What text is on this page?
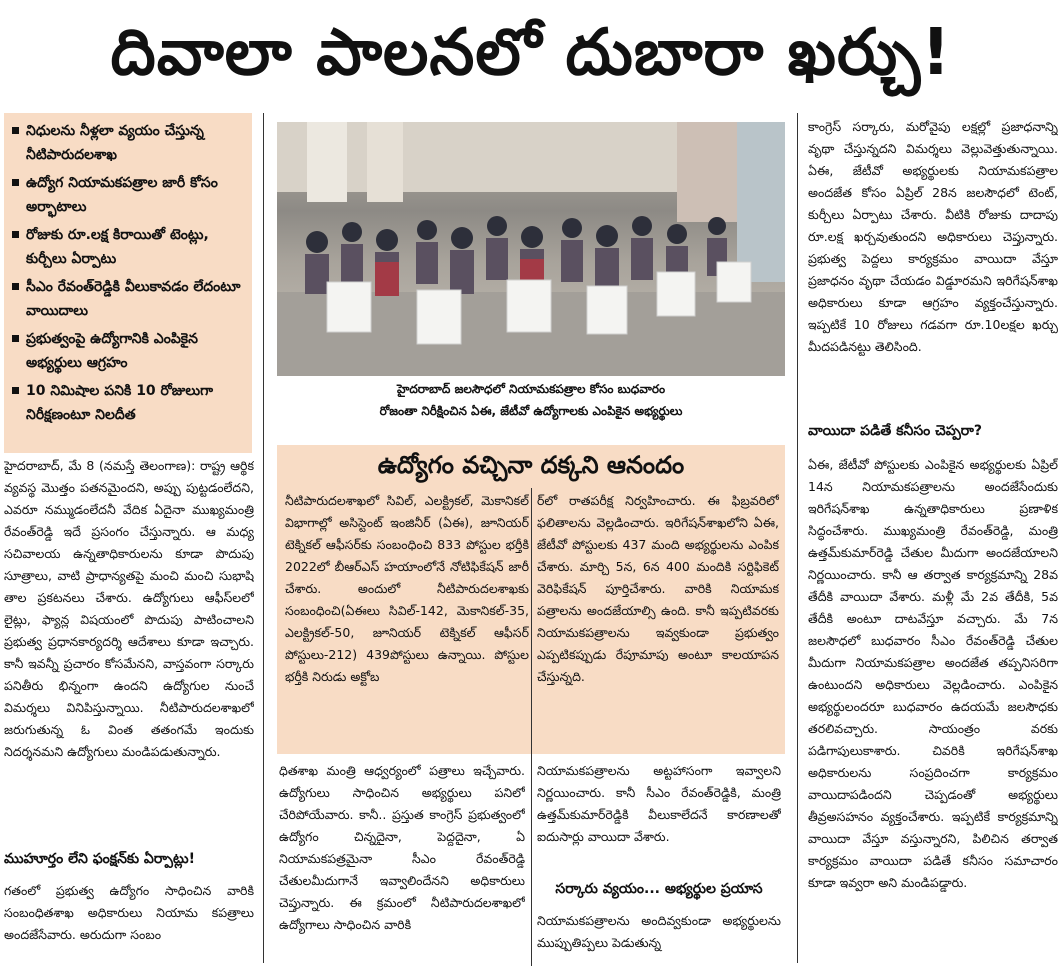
దివాలా పాలనలో దుబారా ఖర్చు!
నిధులను నీళ్లలా వ్యయం చేస్తున్న నీటిపారుదలశాఖ
ఉద్యోగ నియామకపత్రాల జారీ కోసం అర్భాటాలు
రోజుకు రూ.లక్ష కిరాయితో టెంట్లు, కుర్చీలు ఏర్పాటు
సీఎం రేవంత్‌రెడ్డికి వీలుకావడం లేదంటూ వాయిదాలు
ప్రభుత్వంపై ఉద్యోగానికి ఎంపికైన అభ్యర్థులు ఆగ్రహం
10 నిమిషాల పనికి 10 రోజులుగా నిరీక్షణంటూ నిలదీత
హైదరాబాద్ జలసౌధలో నియామకపత్రాల కోసం బుధవారం
రోజంతా నిరీక్షించిన ఏఈ, జేటీవో ఉద్యోగాలకు ఎంపికైన అభ్యర్థులు
హైదరాబాద్, మే 8 (నమస్తే తెలంగాణ): రాష్ట్ర ఆర్థిక వ్యవస్థ మొత్తం పతనమైందని, అప్పు పుట్టడంలేదని, ఎవరూ నమ్ముడంలేదనీ వేదిక ఏదైనా ముఖ్యమంత్రి రేవంత్‌రెడ్డి ఇదే ప్రసంగం చేస్తున్నారు. ఆ మధ్య సచివాలయ ఉన్నతాధికారులను కూడా పొదుపు సూత్రాలు, వాటి ప్రాధాన్యతపై మంచి మంచి సుభాషి తాల ప్రకటనలు చేశారు. ఉద్యోగులు ఆఫీస్‌లలో లైట్లు, ఫ్యాన్ల విషయంలో పొదుపు పాటించాలని ప్రభుత్వ ప్రధానకార్యదర్శి ఆదేశాలు కూడా ఇచ్చారు. కానీ ఇవన్నీ ప్రచారం కోసమేనని, వాస్తవంగా సర్కారు పనితీరు భిన్నంగా ఉందని ఉద్యోగుల నుంచే విమర్శలు వినిపిస్తున్నాయి. నీటిపారుదలశాఖలో జరుగుతున్న ఓ వింత తతంగమే ఇందుకు నిదర్శనమని ఉద్యోగులు మండిపడుతున్నారు.
ముహూర్తం లేని ఫంక్షన్‌కు ఏర్పాట్లు!
గతంలో ప్రభుత్వ ఉద్యోగం సాధించిన వారికి సంబంధితశాఖ అధికారులు నియామ కపత్రాలు అందజేసేవారు. అరుదుగా సంబం
ఉద్యోగం వచ్చినా దక్కని ఆనందం
నీటిపారుదలశాఖలో సివిల్, ఎలక్ట్రికల్, మెకానికల్ విభాగాల్లో అసిస్టెంట్ ఇంజినీర్ (ఏఈ), జూనియర్ టెక్నికల్ ఆఫీసర్‌కు సంబంధించి 833 పోస్టుల భర్తీకి 2022లో బీఆర్‌ఎస్ హయాంలోనే నోటిఫికేషన్ జారీ చేశారు. అందులో నీటిపారుదలశాఖకు సంబంధించి(ఏఈలు సివిల్-142, మెకానికల్-35, ఎలక్ట్రికల్-50, జూనియర్ టెక్నికల్ ఆఫీసర్ పోస్టులు-212) 439పోస్టులు ఉన్నాయి. పోస్టుల భర్తీకి నిరుడు అక్టోబ
ర్‌లో రాతపరీక్ష నిర్వహించారు. ఈ ఫిబ్రవరిలో ఫలితాలను వెల్లడించారు. ఇరిగేషన్‌శాఖలోని ఏఈ, జేటీవో పోస్టులకు 437 మంది అభ్యర్థులను ఎంపిక చేశారు. మార్చి 5న, 6న 400 మందికి సర్టిఫికెట్ వెరిఫికేషన్ పూర్తిచేశారు. వారికి నియామక పత్రాలను అందజేయాల్సి ఉంది. కానీ ఇప్పటివరకు నియామకపత్రాలను ఇవ్వకుండా ప్రభుత్వం ఎప్పటికప్పుడు రేపూమాపు అంటూ కాలయాపన చేస్తున్నది.
ధితశాఖ మంత్రి ఆధ్వర్యంలో పత్రాలు ఇచ్చేవారు. ఉద్యోగులు సాధించిన అభ్యర్థులు పనిలో చేరిపోయేవారు. కానీ.. ప్రస్తుత కాంగ్రెస్ ప్రభుత్వంలో ఉద్యోగం చిన్నదైనా, పెద్దదైనా, ఏ నియామకపత్రమైనా సీఎం రేవంత్‌రెడ్డి చేతులమీదుగానే ఇవ్వాలిందేనని అధికారులు చెప్తున్నారు. ఈ క్రమంలో నీటిపారుదలశాఖలో ఉద్యోగాలు సాధించిన వారికి
నియామకపత్రాలను అట్టహాసంగా ఇవ్వాలని నిర్ణయించారు. కానీ సీఎం రేవంత్‌రెడ్డికి, మంత్రి ఉత్తమ్‌కుమార్‌రెడ్డికి వీలుకాలేదనే కారణాలతో ఐదుసార్లు వాయిదా వేశారు.
సర్కారు వ్యయం... అభ్యర్థుల ప్రయాస
నియామకపత్రాలను అందివ్వకుండా అభ్యర్థులను ముప్పుతిప్పలు పెడుతున్న
కాంగ్రెస్ సర్కారు, మరోవైపు లక్షల్లో ప్రజాధనాన్ని వృథా చేస్తున్నదని విమర్శలు వెల్లువెత్తుతున్నాయి. ఏఈ, జేటీవో అభ్యర్థులకు నియామకపత్రాల అందజేత కోసం ఏప్రిల్ 28న జలసౌధలో టెంట్, కుర్చీలు ఏర్పాటు చేశారు. వీటికి రోజుకు దాదాపు రూ.లక్ష ఖర్చవుతుందని అధికారులు చెప్తున్నారు. ప్రభుత్వ పెద్దలు కార్యక్రమం వాయిదా వేస్తూ ప్రజాధనం వృథా చేయడం విడ్డూరమని ఇరిగేషన్‌శాఖ అధికారులు కూడా ఆగ్రహం వ్యక్తంచేస్తున్నారు. ఇప్పటికే 10 రోజులు గడవగా రూ.10లక్షల ఖర్చు మీదపడినట్టు తెలిసింది.
వాయిదా పడితే కనీసం చెప్పరా?
ఏఈ, జేటీవో పోస్టులకు ఎంపికైన అభ్యర్థులకు ఏప్రిల్ 14న నియామకపత్రాలను అందజేసేందుకు ఇరిగేషన్‌శాఖ ఉన్నతాధికారులు ప్రణాళిక సిద్ధంచేశారు. ముఖ్యమంత్రి రేవంత్‌రెడ్డి, మంత్రి ఉత్తమ్‌కుమార్‌రెడ్డి చేతుల మీదుగా అందజేయాలని నిర్ణయించారు. కానీ ఆ తర్వాత కార్యక్రమాన్ని 28వ తేదీకి వాయిదా వేశారు. మళ్లీ మే 2వ తేదీకి, 5వ తేదీకి అంటూ దాటవేస్తూ వచ్చారు. మే 7న జలసౌధలో బుధవారం సీఎం రేవంత్‌రెడ్డి చేతుల మీదుగా నియామకపత్రాల అందజేత తప్పనిసరిగా ఉంటుందని అధికారులు వెల్లడించారు. ఎంపికైన అభ్యర్థులందరూ బుధవారం ఉదయమే జలసౌధకు తరలివచ్చారు. సాయంత్రం వరకు పడిగాపులుకాశారు. చివరికి ఇరిగేషన్‌శాఖ అధికారులను సంప్రదించగా కార్యక్రమం వాయిదాపడిందని చెప్పడంతో అభ్యర్థులు తీవ్రఅసహనం వ్యక్తంచేశారు. ఇప్పటికే కార్యక్రమాన్ని వాయిదా వేస్తూ వస్తున్నారని, పిలిచిన తర్వాత కార్యక్రమం వాయిదా పడితే కనీసం సమాచారం కూడా ఇవ్వరా అని మండిపడ్డారు.
